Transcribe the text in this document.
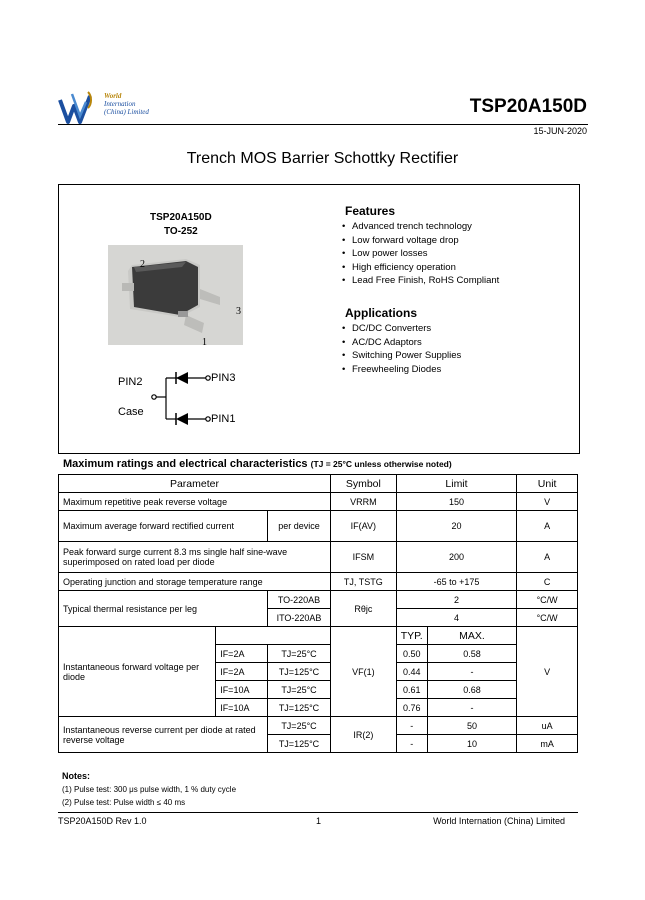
World
Internation
(China) Limited	TSP20A150D
15-JUN-2020
Trench MOS Barrier Schottky Rectifier
TSP20A150D
TO-252
2
3
1
PIN2
Case
PIN3
PIN1
Features
• Advanced trench technology
• Low forward voltage drop
• Low power losses
• High efficiency operation
• Lead Free Finish, RoHS Compliant
Applications
• DC/DC Converters
• AC/DC Adaptors
• Switching Power Supplies
• Freewheeling Diodes
Maximum ratings and electrical characteristics (TJ = 25°C unless otherwise noted)
Parameter			Symbol	Limit		Unit
Maximum repetitive peak reverse voltage			VRRM	150		V
Maximum average forward rectified current		per device	IF(AV)	20		A
Peak forward surge current 8.3 ms single half sine-wave superimposed on rated load per diode			IFSM	200		A
Operating junction and storage temperature range			TJ, TSTG	-65 to +175		C
Typical thermal resistance per leg		TO-220AB	Rθjc	2		°C/W
		ITO-220AB		4		°C/W
Instantaneous forward voltage per diode			VF(1)	TYP.	MAX.	V
	IF=2A	TJ=25°C		0.50	0.58	
	IF=2A	TJ=125°C		0.44	-	
	IF=10A	TJ=25°C		0.61	0.68	
	IF=10A	TJ=125°C		0.76	-	
Instantaneous reverse current per diode at rated reverse voltage		TJ=25°C	IR(2)	-	50	uA
		TJ=125°C		-	10	mA
Notes:
(1) Pulse test: 300 μs pulse width, 1 % duty cycle
(2) Pulse test: Pulse width ≤ 40 ms
TSP20A150D Rev 1.0	1	World Internation (China) Limited
